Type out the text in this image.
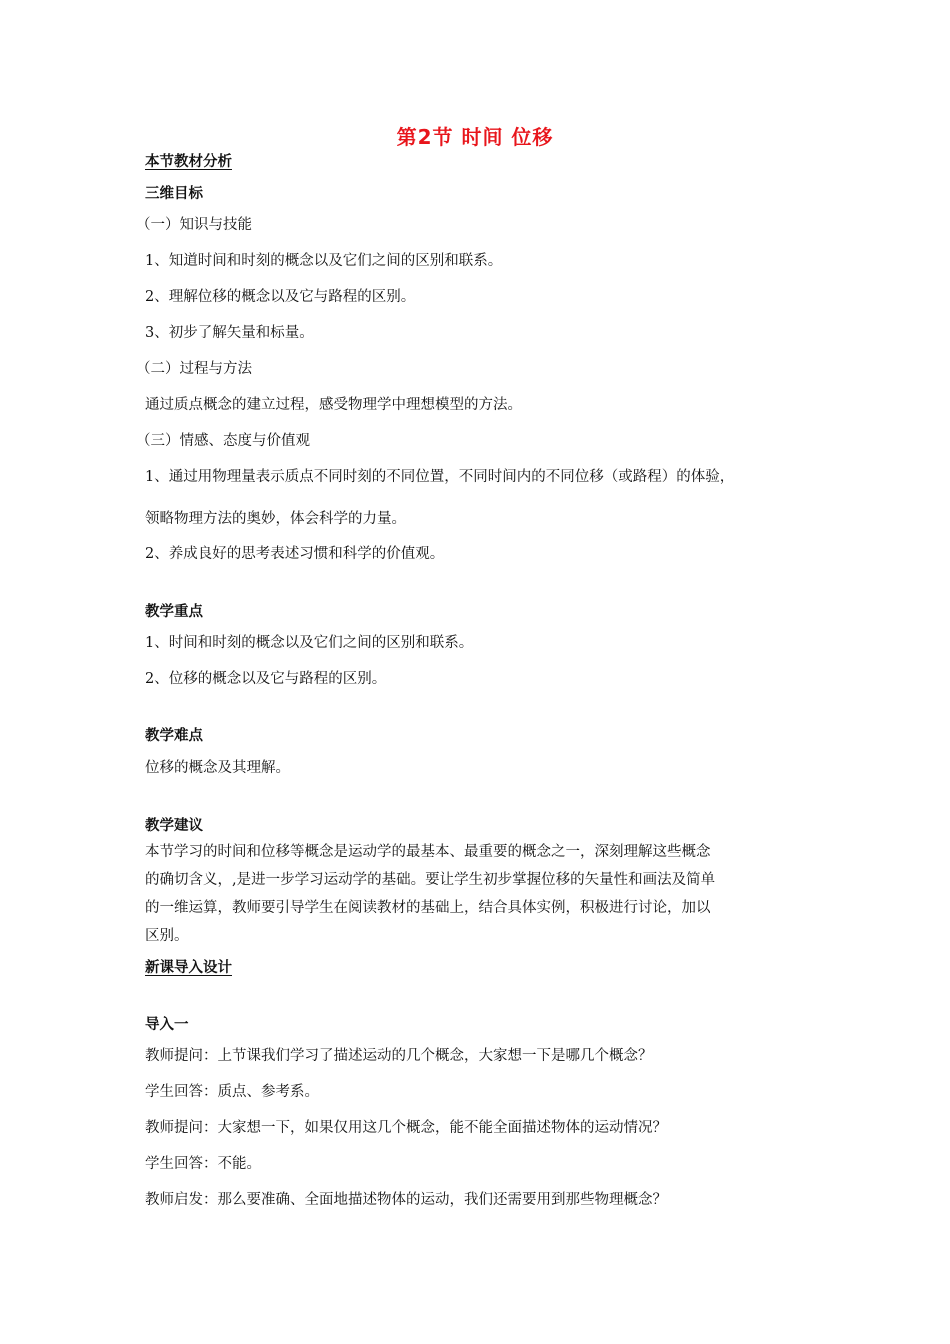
第2节 时间 位移
本节教材分析
三维目标
（一）知识与技能
1、知道时间和时刻的概念以及它们之间的区别和联系。
2、理解位移的概念以及它与路程的区别。
3、初步了解矢量和标量。
（二）过程与方法
通过质点概念的建立过程，感受物理学中理想模型的方法。
（三）情感、态度与价值观
1、通过用物理量表示质点不同时刻的不同位置，不同时间内的不同位移（或路程）的体验，
领略物理方法的奥妙，体会科学的力量。
2、养成良好的思考表述习惯和科学的价值观。
教学重点
1、时间和时刻的概念以及它们之间的区别和联系。
2、位移的概念以及它与路程的区别。
教学难点
位移的概念及其理解。
教学建议
本节学习的时间和位移等概念是运动学的最基本、最重要的概念之一，深刻理解这些概念
的确切含义，,是进一步学习运动学的基础。要让学生初步掌握位移的矢量性和画法及简单
的一维运算，教师要引导学生在阅读教材的基础上，结合具体实例，积极进行讨论，加以
区别。
新课导入设计
导入一
教师提问：上节课我们学习了描述运动的几个概念，大家想一下是哪几个概念？
学生回答：质点、参考系。
教师提问：大家想一下，如果仅用这几个概念，能不能全面描述物体的运动情况？
学生回答：不能。
教师启发：那么要准确、全面地描述物体的运动，我们还需要用到那些物理概念？
